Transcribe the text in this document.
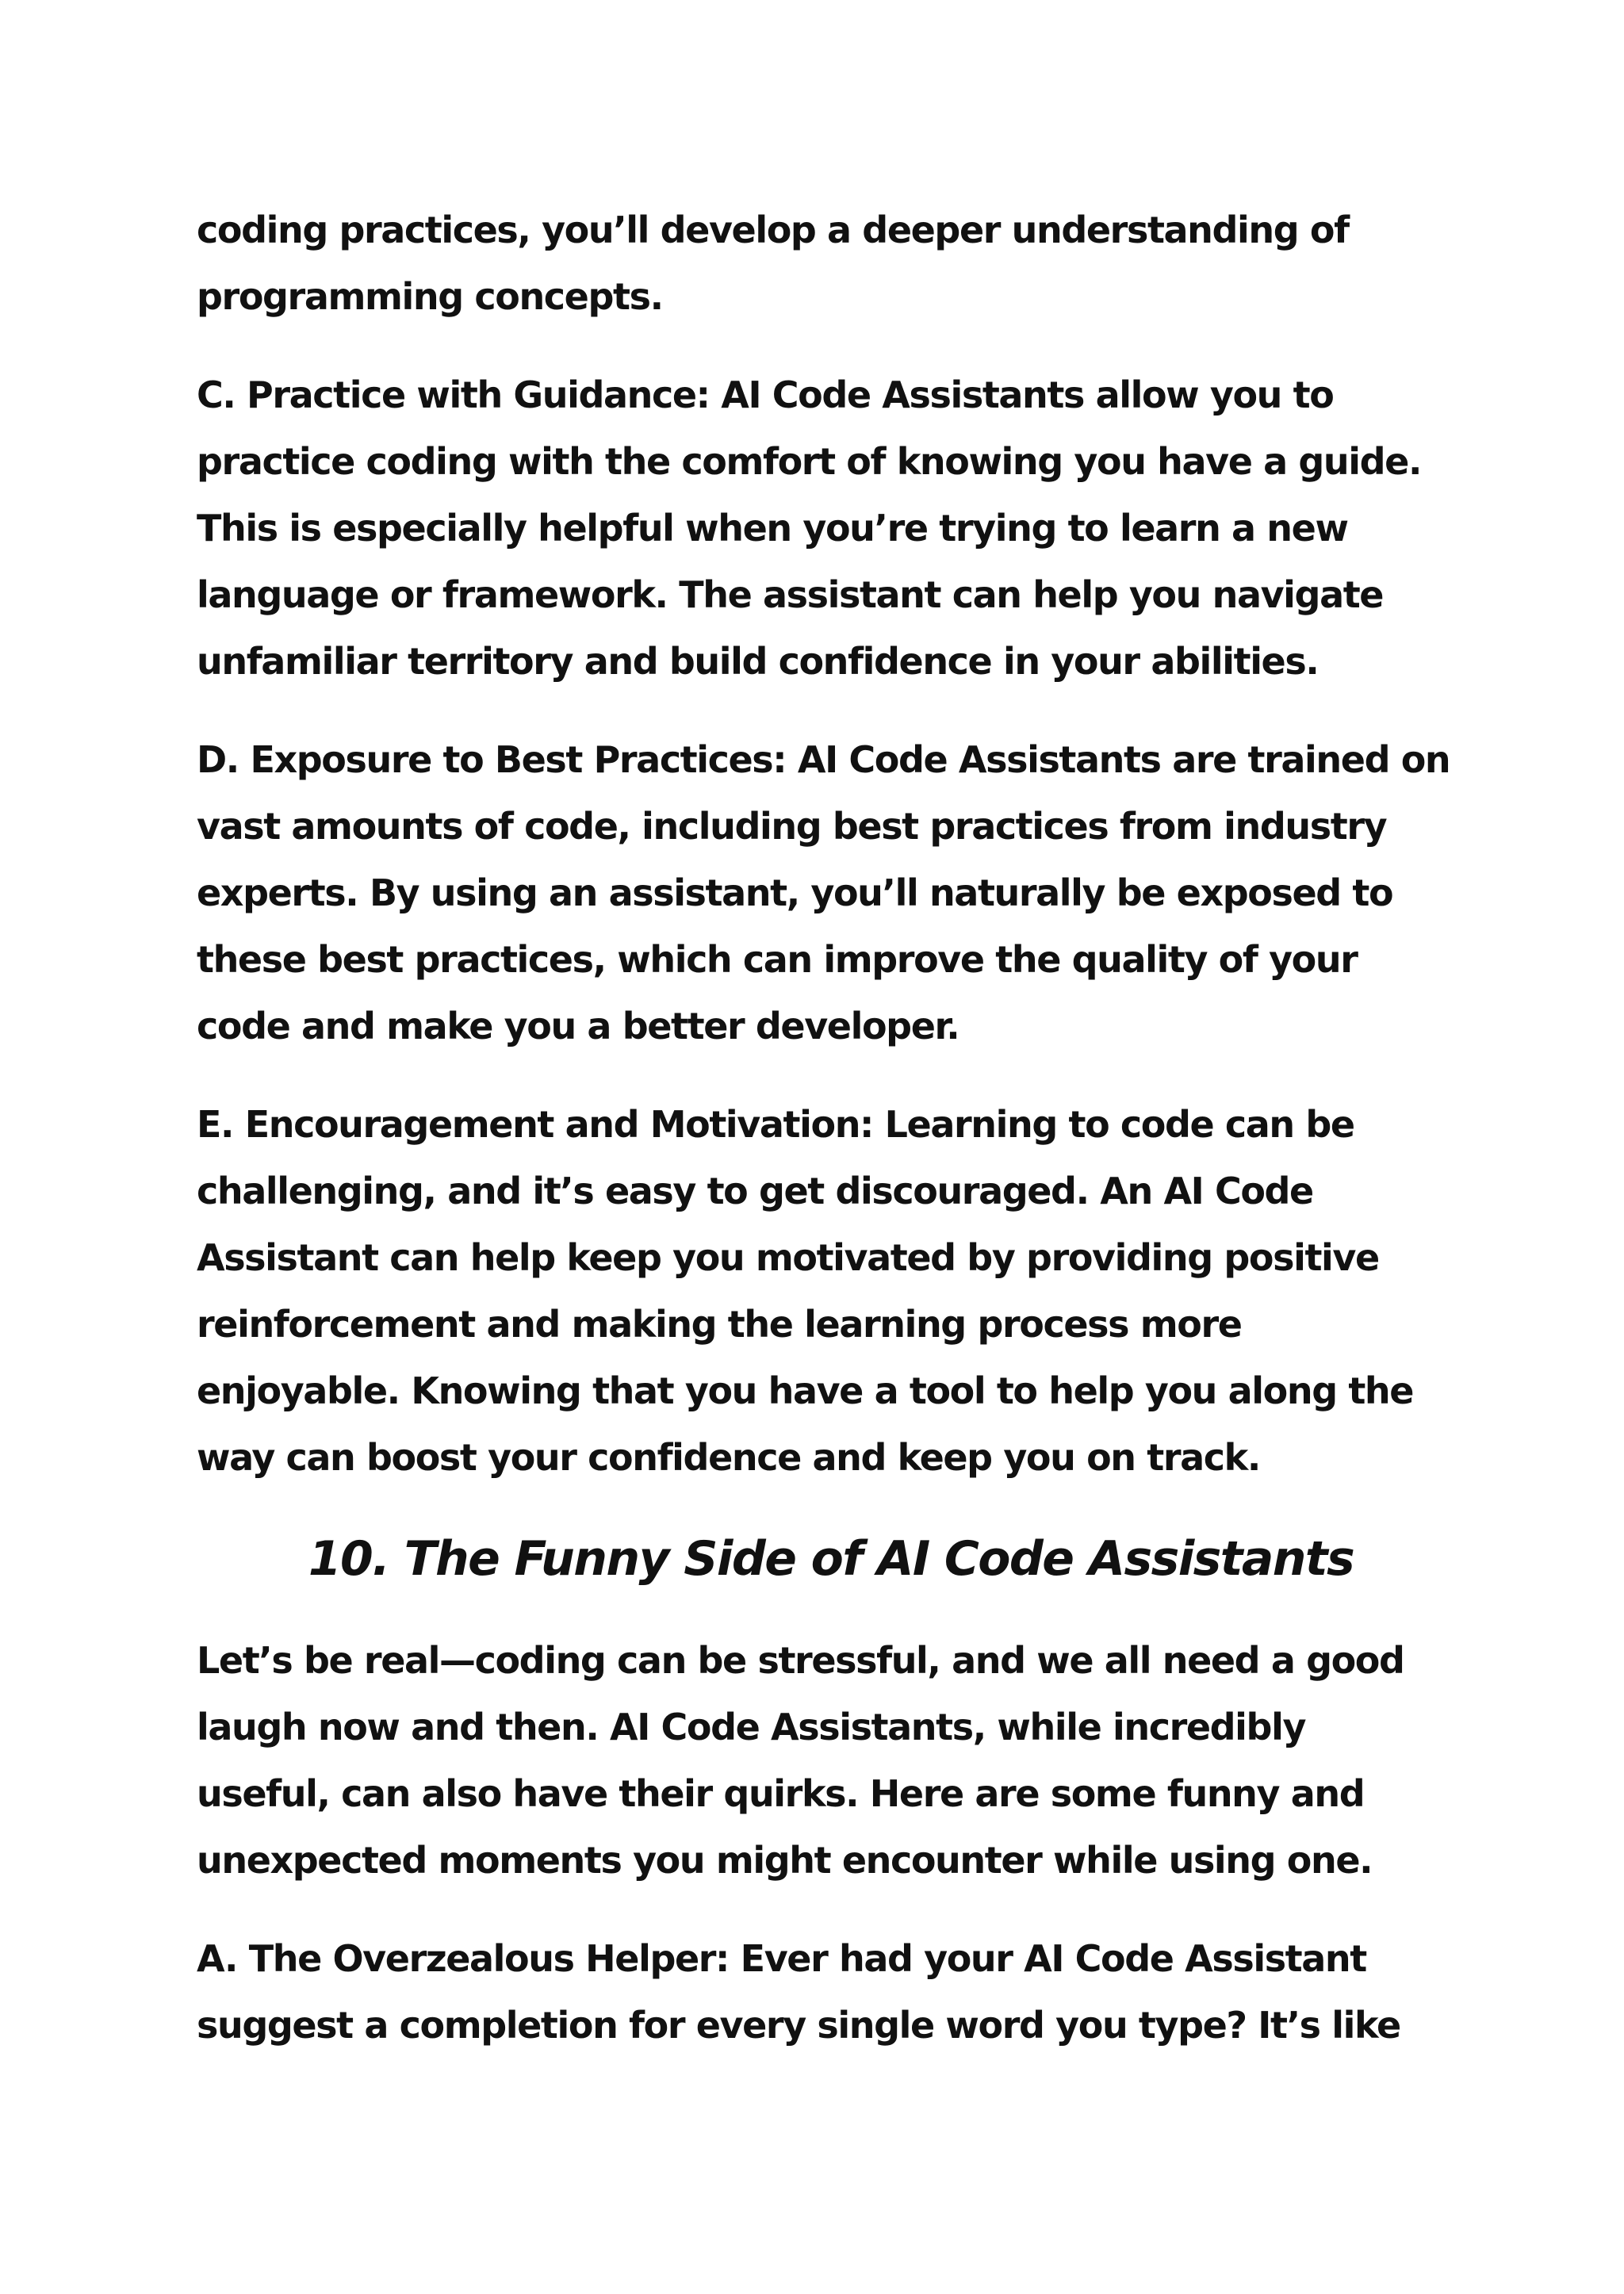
coding practices, you’ll develop a deeper understanding of
programming concepts.

C. Practice with Guidance: AI Code Assistants allow you to
practice coding with the comfort of knowing you have a guide.
This is especially helpful when you’re trying to learn a new
language or framework. The assistant can help you navigate
unfamiliar territory and build confidence in your abilities.

D. Exposure to Best Practices: AI Code Assistants are trained on
vast amounts of code, including best practices from industry
experts. By using an assistant, you’ll naturally be exposed to
these best practices, which can improve the quality of your
code and make you a better developer.

E. Encouragement and Motivation: Learning to code can be
challenging, and it’s easy to get discouraged. An AI Code
Assistant can help keep you motivated by providing positive
reinforcement and making the learning process more
enjoyable. Knowing that you have a tool to help you along the
way can boost your confidence and keep you on track.

10. The Funny Side of AI Code Assistants

Let’s be real—coding can be stressful, and we all need a good
laugh now and then. AI Code Assistants, while incredibly
useful, can also have their quirks. Here are some funny and
unexpected moments you might encounter while using one.

A. The Overzealous Helper: Ever had your AI Code Assistant
suggest a completion for every single word you type? It’s like
